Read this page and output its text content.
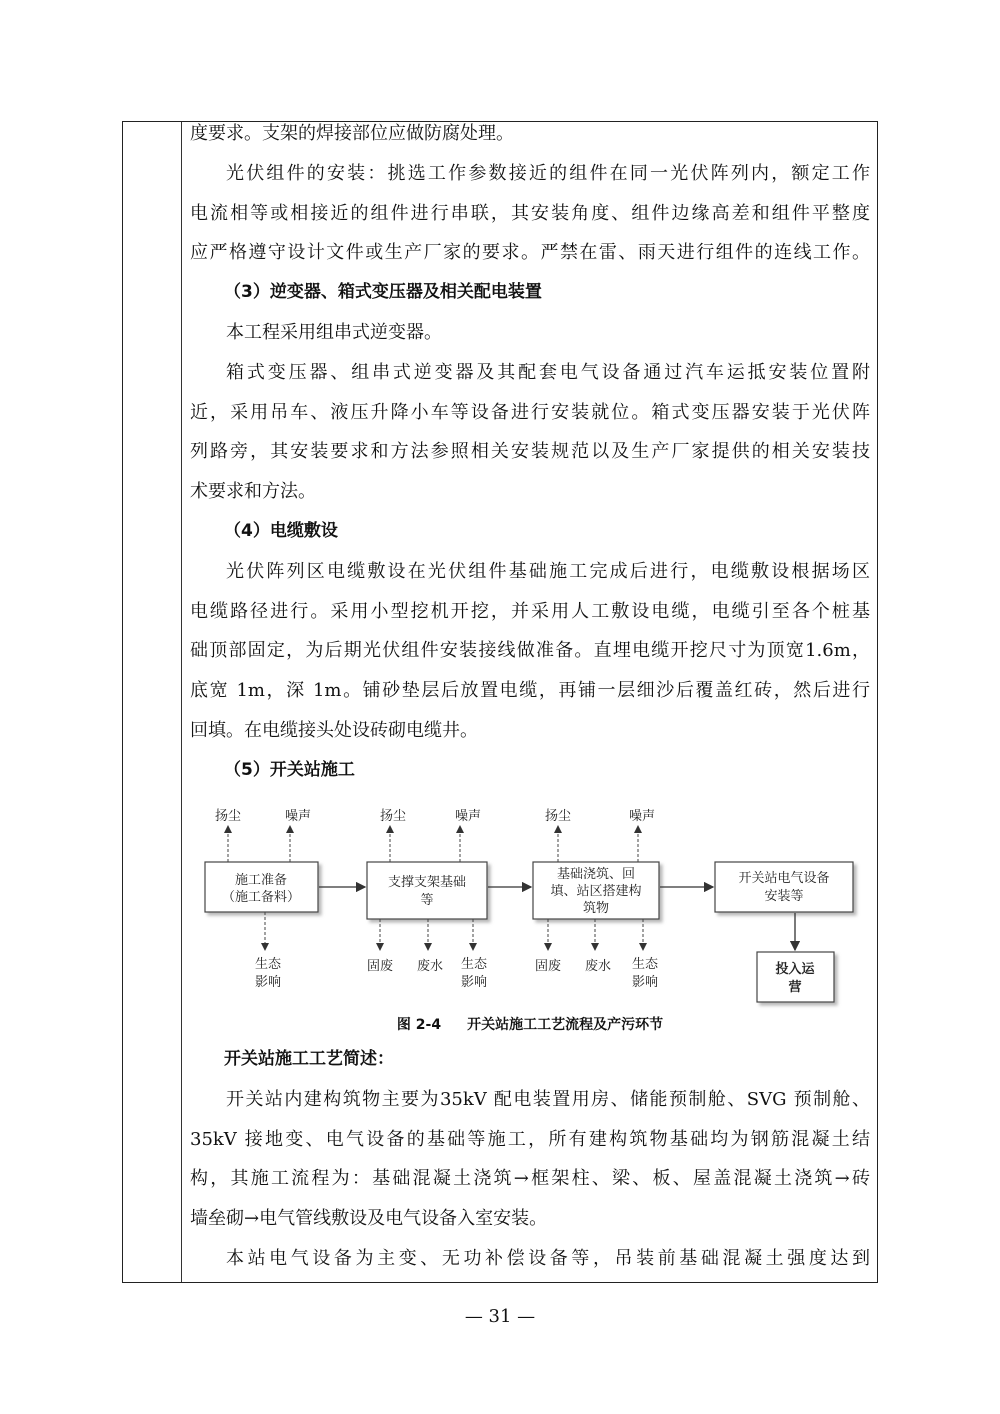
度要求。支架的焊接部位应做防腐处理。

光伏组件的安装：挑选工作参数接近的组件在同一光伏阵列内，额定工作

电流相等或相接近的组件进行串联，其安装角度、组件边缘高差和组件平整度

应严格遵守设计文件或生产厂家的要求。严禁在雷、雨天进行组件的连线工作。

（3）逆变器、箱式变压器及相关配电装置

本工程采用组串式逆变器。

箱式变压器、组串式逆变器及其配套电气设备通过汽车运抵安装位置附

近，采用吊车、液压升降小车等设备进行安装就位。箱式变压器安装于光伏阵

列路旁，其安装要求和方法参照相关安装规范以及生产厂家提供的相关安装技

术要求和方法。

（4）电缆敷设

光伏阵列区电缆敷设在光伏组件基础施工完成后进行，电缆敷设根据场区

电缆路径进行。采用小型挖机开挖，并采用人工敷设电缆，电缆引至各个桩基

础顶部固定，为后期光伏组件安装接线做准备。直埋电缆开挖尺寸为顶宽1.6m，

底宽 1m，深 1m。铺砂垫层后放置电缆，再铺一层细沙后覆盖红砖，然后进行

回填。在电缆接头处设砖砌电缆井。

（5）开关站施工

施工准备
（施工备料）
支撑支架基础
等
基础浇筑、回
填、站区搭建构
筑物
开关站电气设备
安装等
投入运
营
扬尘	噪声	扬尘	噪声	扬尘	噪声
生态
影响
固废 废水 生态
影响
固废 废水 生态
影响
图 2-4 开关站施工工艺流程及产污环节

开关站施工工艺简述：

开关站内建构筑物主要为35kV 配电装置用房、储能预制舱、SVG 预制舱、

35kV 接地变、电气设备的基础等施工，所有建构筑物基础均为钢筋混凝土结

构，其施工流程为：基础混凝土浇筑→框架柱、梁、板、屋盖混凝土浇筑→砖

墙垒砌→电气管线敷设及电气设备入室安装。

本站电气设备为主变、无功补偿设备等，吊装前基础混凝土强度达到

— 31 —
